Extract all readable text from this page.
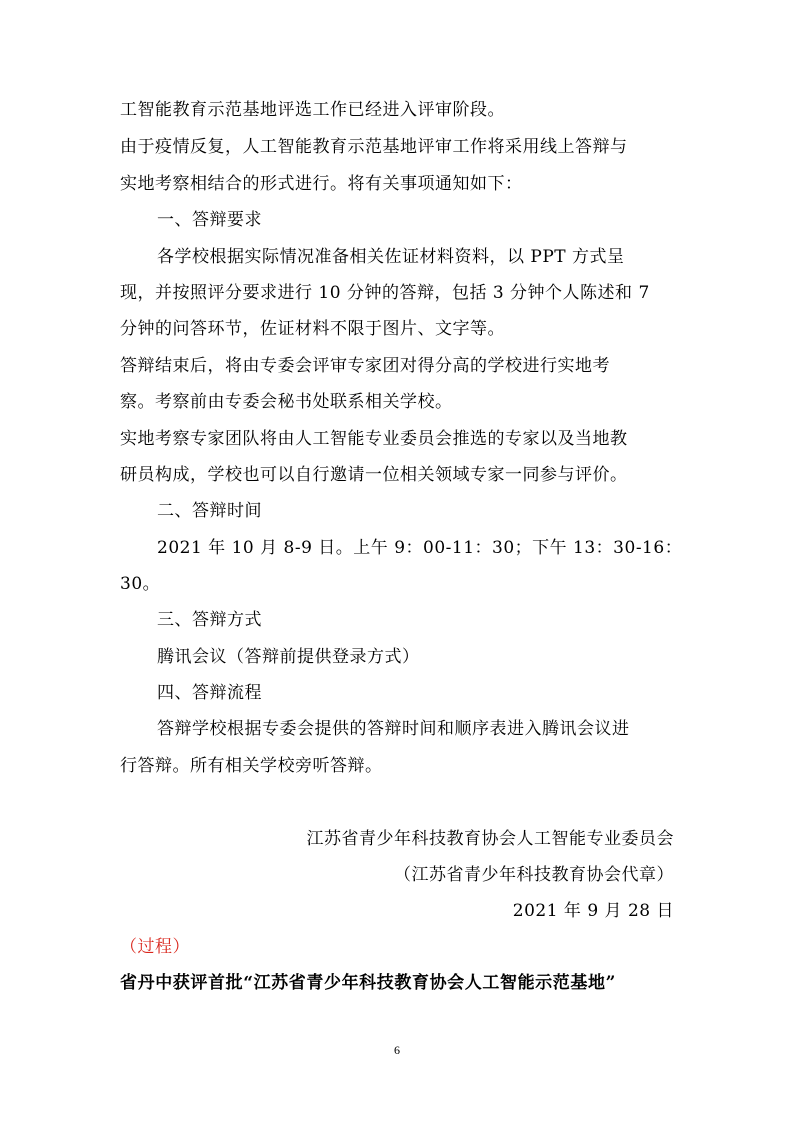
工智能教育示范基地评选工作已经进入评审阶段。
由于疫情反复，人工智能教育示范基地评审工作将采用线上答辩与
实地考察相结合的形式进行。将有关事项通知如下：
一、答辩要求
各学校根据实际情况准备相关佐证材料资料，以 PPT 方式呈
现，并按照评分要求进行 10 分钟的答辩，包括 3 分钟个人陈述和 7
分钟的问答环节，佐证材料不限于图片、文字等。
答辩结束后，将由专委会评审专家团对得分高的学校进行实地考
察。考察前由专委会秘书处联系相关学校。
实地考察专家团队将由人工智能专业委员会推选的专家以及当地教
研员构成，学校也可以自行邀请一位相关领域专家一同参与评价。
二、答辩时间
2021 年 10 月 8-9 日。上午 9：00-11：30；下午 13：30-16：
30。
三、答辩方式
腾讯会议（答辩前提供登录方式）
四、答辩流程
答辩学校根据专委会提供的答辩时间和顺序表进入腾讯会议进
行答辩。所有相关学校旁听答辩。
江苏省青少年科技教育协会人工智能专业委员会
（江苏省青少年科技教育协会代章）
2021 年 9 月 28 日
（过程）
省丹中获评首批“江苏省青少年科技教育协会人工智能示范基地”
6
